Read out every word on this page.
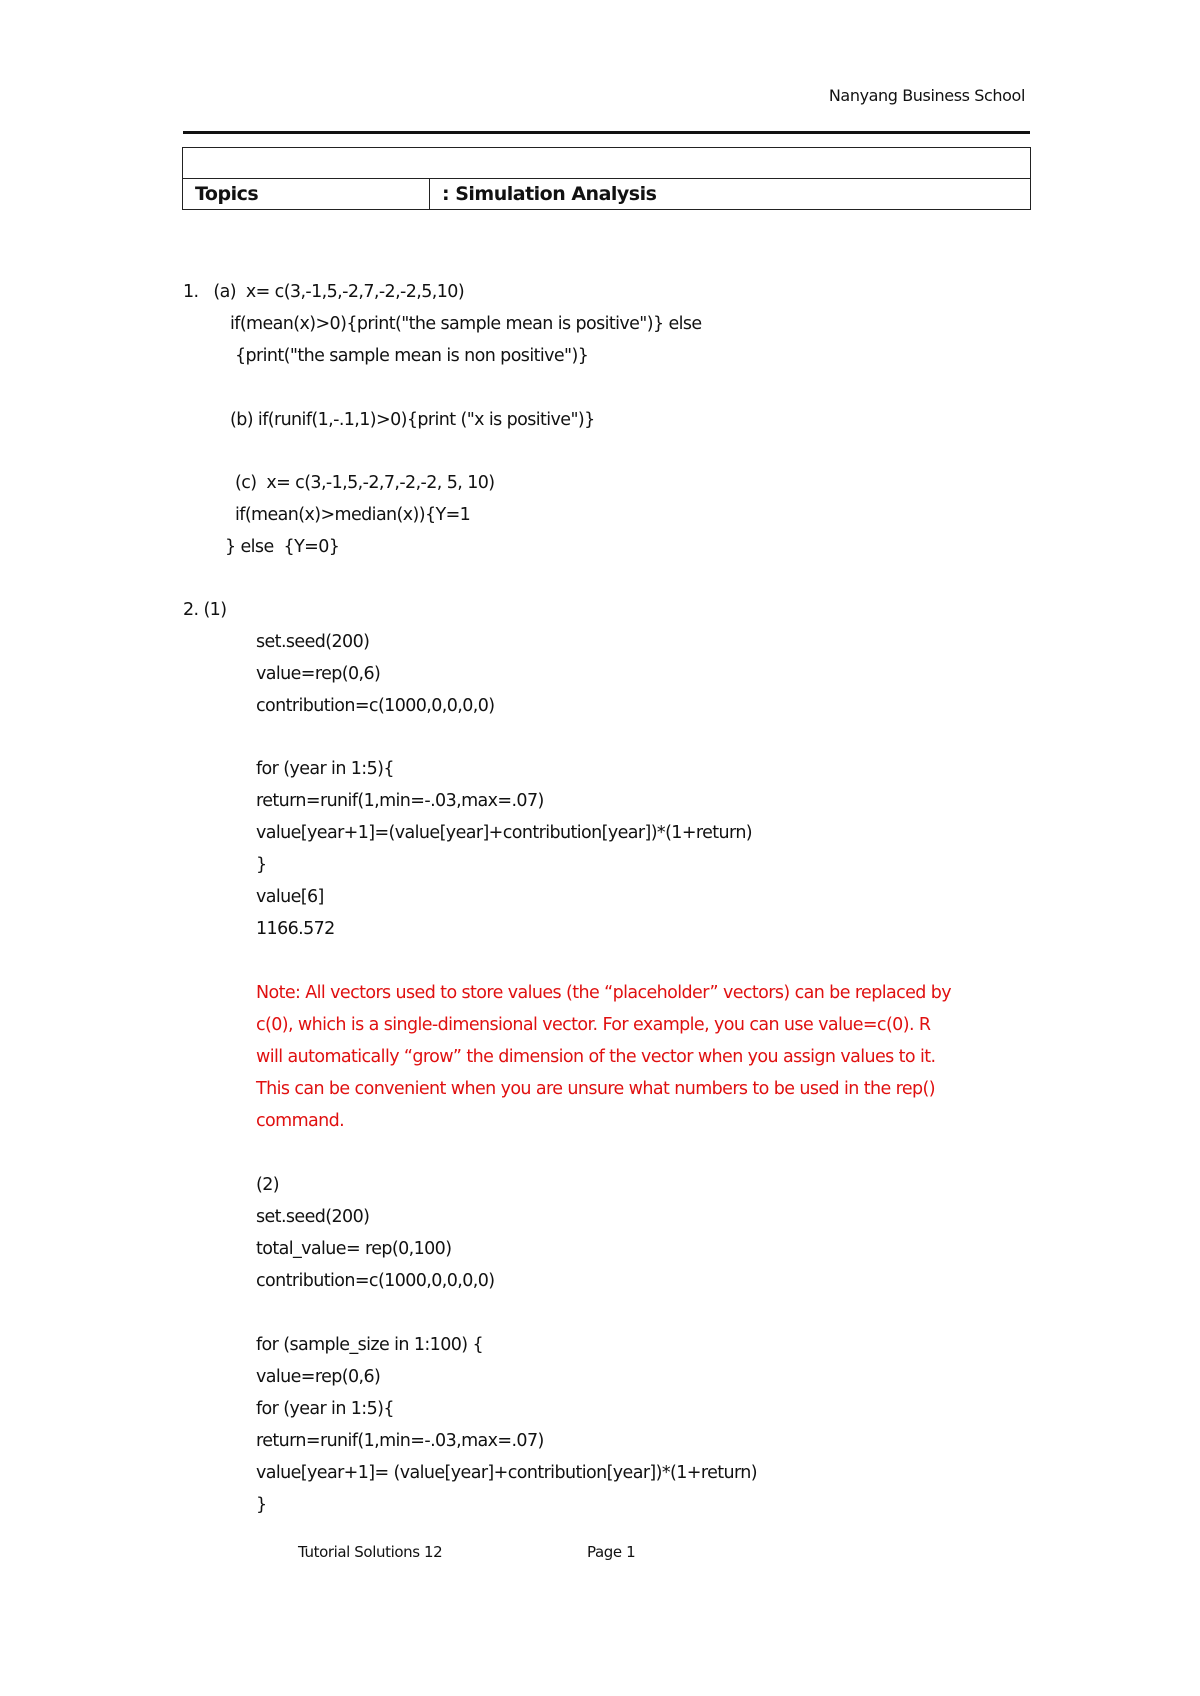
Nanyang Business School

Topics	: Simulation Analysis
1.   (a)  x= c(3,-1,5,-2,7,-2,-2,5,10)
if(mean(x)>0){print("the sample mean is positive")} else
{print("the sample mean is non positive")}
(b) if(runif(1,-.1,1)>0){print ("x is positive")}
(c)  x= c(3,-1,5,-2,7,-2,-2, 5, 10)
if(mean(x)>median(x)){Y=1
} else  {Y=0}
2. (1)
set.seed(200)
value=rep(0,6)
contribution=c(1000,0,0,0,0)
for (year in 1:5){
return=runif(1,min=-.03,max=.07)
value[year+1]=(value[year]+contribution[year])*(1+return)
}
value[6]
1166.572
Note: All vectors used to store values (the “placeholder” vectors) can be replaced by
c(0), which is a single-dimensional vector. For example, you can use value=c(0). R
will automatically “grow” the dimension of the vector when you assign values to it.
This can be convenient when you are unsure what numbers to be used in the rep()
command.
(2)
set.seed(200)
total_value= rep(0,100)
contribution=c(1000,0,0,0,0)
for (sample_size in 1:100) {
value=rep(0,6)
for (year in 1:5){
return=runif(1,min=-.03,max=.07)
value[year+1]= (value[year]+contribution[year])*(1+return)
}
Tutorial Solutions 12	Page 1
